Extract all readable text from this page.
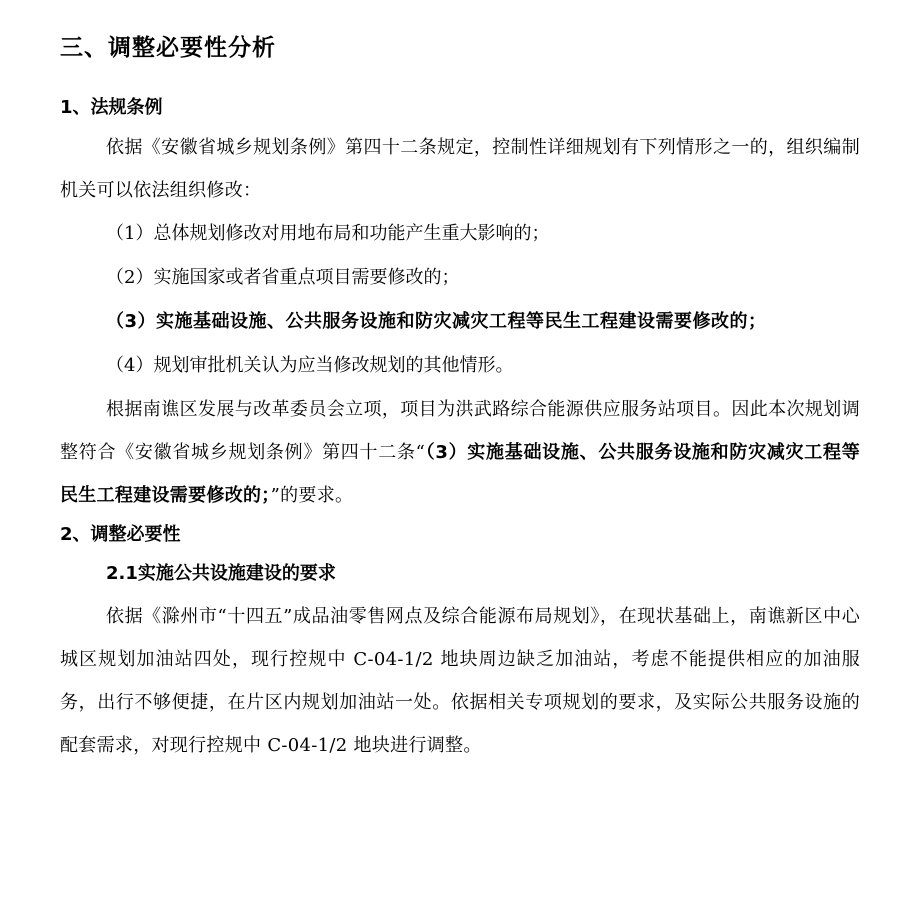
三、调整必要性分析
1、法规条例

依据《安徽省城乡规划条例》第四十二条规定，控制性详细规划有下列情形之一的，组织编制机关可以依法组织修改：

（1）总体规划修改对用地布局和功能产生重大影响的；

（2）实施国家或者省重点项目需要修改的；

（3）实施基础设施、公共服务设施和防灾减灾工程等民生工程建设需要修改的；

（4）规划审批机关认为应当修改规划的其他情形。

根据南谯区发展与改革委员会立项，项目为洪武路综合能源供应服务站项目。因此本次规划调整符合《安徽省城乡规划条例》第四十二条“（3）实施基础设施、公共服务设施和防灾减灾工程等民生工程建设需要修改的；”的要求。

2、调整必要性
2.1实施公共设施建设的要求

依据《滁州市“十四五”成品油零售网点及综合能源布局规划》，在现状基础上，南谯新区中心城区规划加油站四处，现行控规中 C-04-1/2 地块周边缺乏加油站，考虑不能提供相应的加油服务，出行不够便捷，在片区内规划加油站一处。依据相关专项规划的要求，及实际公共服务设施的配套需求，对现行控规中 C-04-1/2 地块进行调整。
